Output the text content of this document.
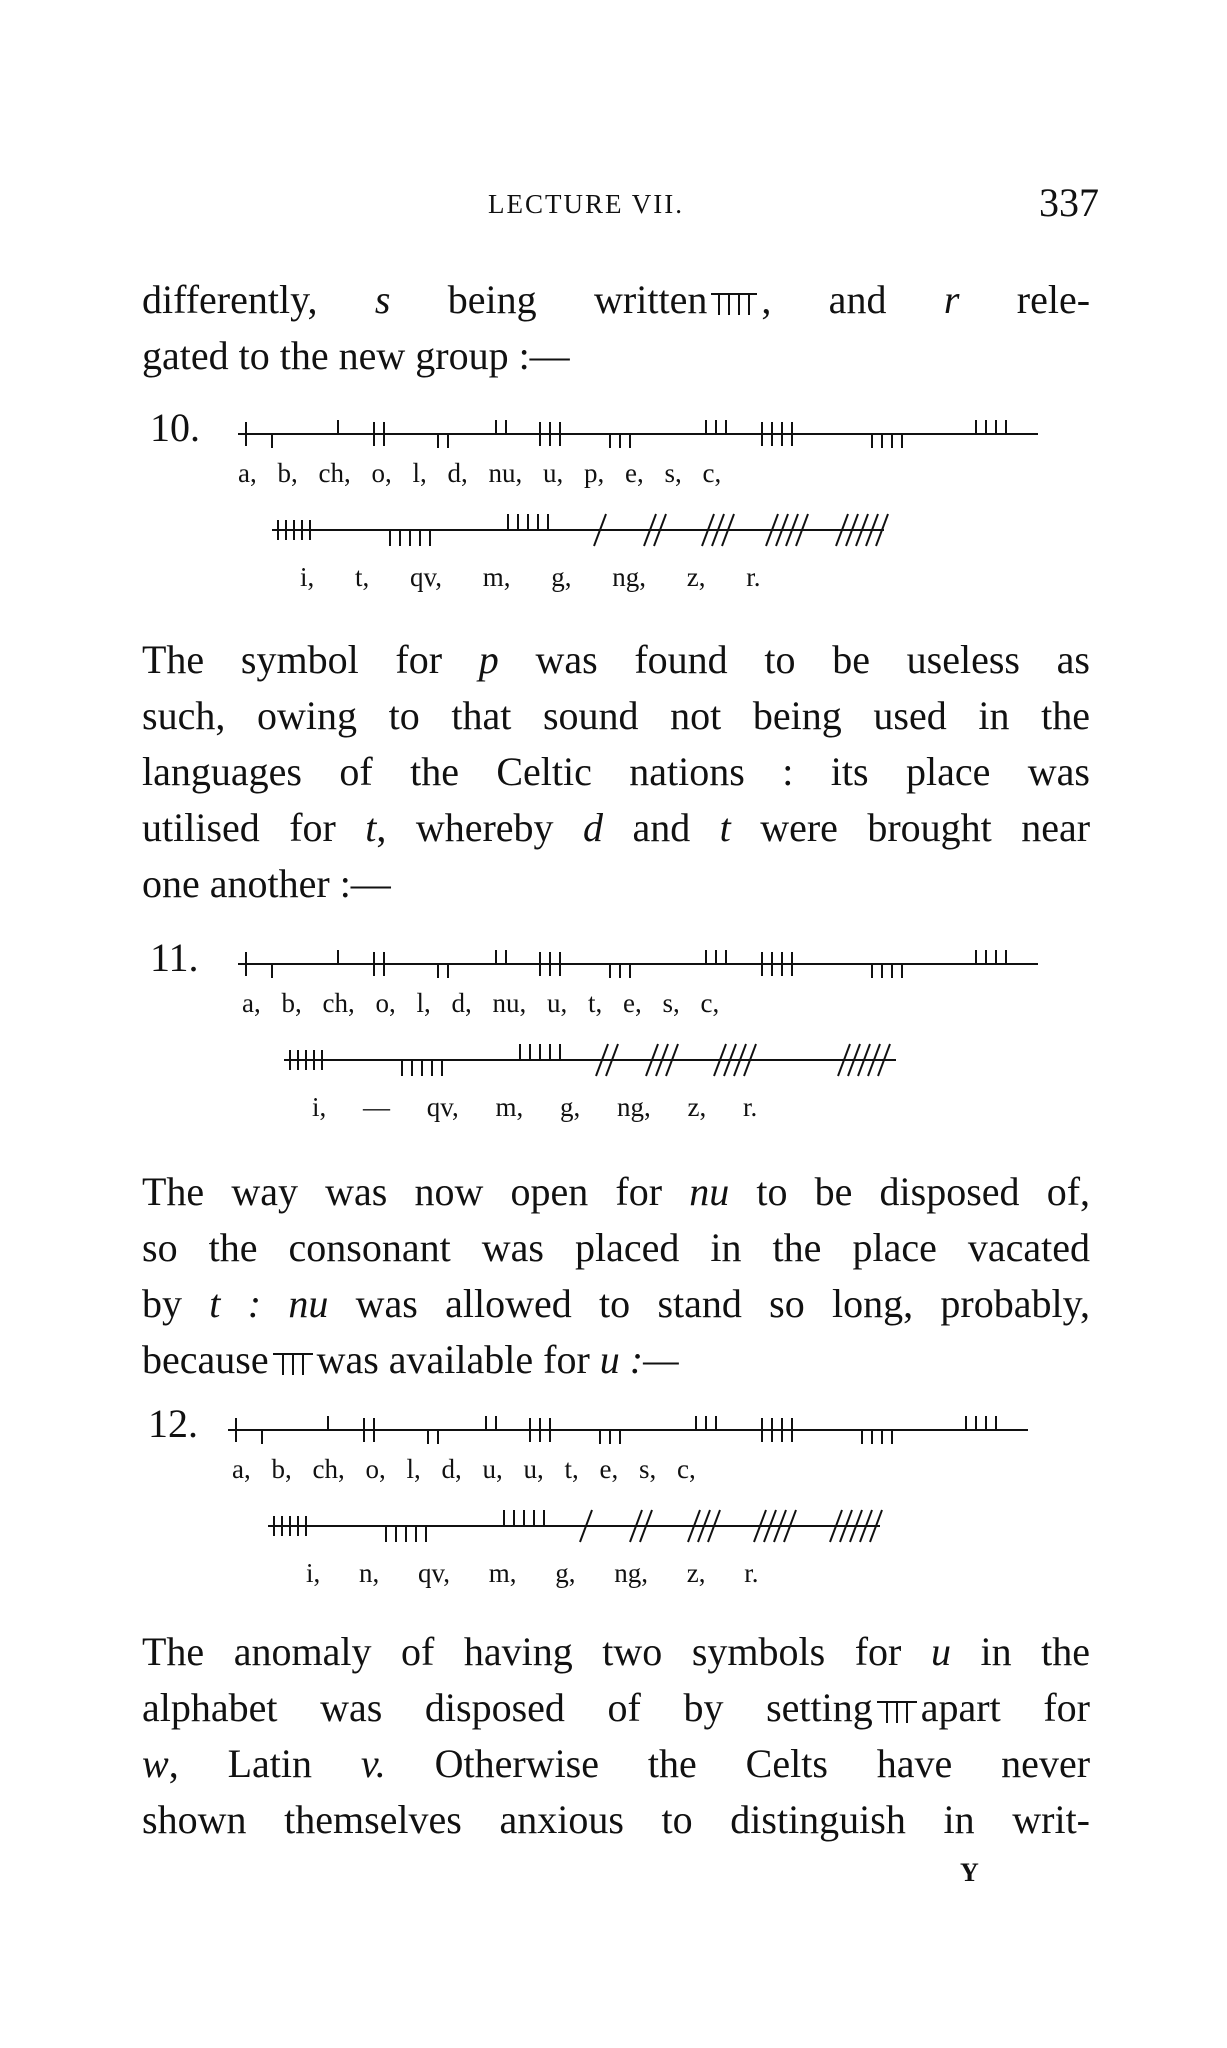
LECTURE VII.	337
differently, s being written , and r rele-
gated to the new group :—
10.
a, b, ch, o, l, d, nu, u, p, e, s, c,
i, t, qv, m, g, ng, z, r.
The symbol for p was found to be useless as
such, owing to that sound not being used in the
languages of the Celtic nations : its place was
utilised for t, whereby d and t were brought near
one another :—
11.
a, b, ch, o, l, d, nu, u, t, e, s, c,
i, — qv, m, g, ng, z, r.
The way was now open for nu to be disposed of,
so the consonant was placed in the place vacated
by t : nu was allowed to stand so long, probably,
because was available for u :—
12.
a, b, ch, o, l, d, u, u, t, e, s, c,
i, n, qv, m, g, ng, z, r.
The anomaly of having two symbols for u in the
alphabet was disposed of by setting apart for
w, Latin v. Otherwise the Celts have never
shown themselves anxious to distinguish in writ-
Y
